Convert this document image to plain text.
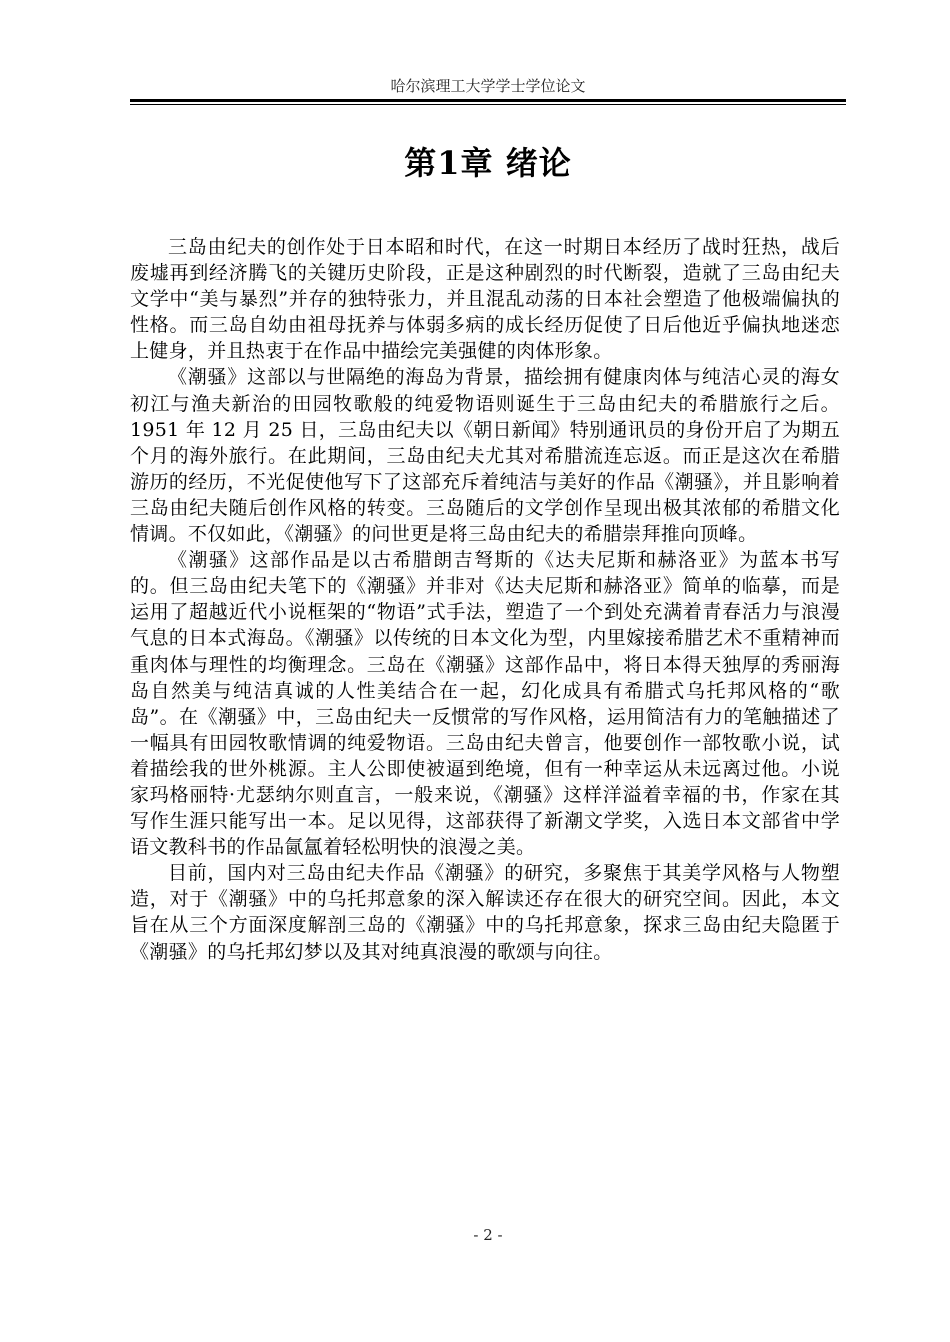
哈尔滨理工大学学士学位论文
第1章 绪论

三岛由纪夫的创作处于日本昭和时代，在这一时期日本经历了战时狂热，战后废墟再到经济腾飞的关键历史阶段，正是这种剧烈的时代断裂，造就了三岛由纪夫文学中“美与暴烈”并存的独特张力，并且混乱动荡的日本社会塑造了他极端偏执的性格。而三岛自幼由祖母抚养与体弱多病的成长经历促使了日后他近乎偏执地迷恋上健身，并且热衷于在作品中描绘完美强健的肉体形象。

《潮骚》这部以与世隔绝的海岛为背景，描绘拥有健康肉体与纯洁心灵的海女初江与渔夫新治的田园牧歌般的纯爱物语则诞生于三岛由纪夫的希腊旅行之后。1951 年 12 月 25 日，三岛由纪夫以《朝日新闻》特别通讯员的身份开启了为期五个月的海外旅行。在此期间，三岛由纪夫尤其对希腊流连忘返。而正是这次在希腊游历的经历，不光促使他写下了这部充斥着纯洁与美好的作品《潮骚》，并且影响着三岛由纪夫随后创作风格的转变。三岛随后的文学创作呈现出极其浓郁的希腊文化情调。不仅如此，《潮骚》的问世更是将三岛由纪夫的希腊崇拜推向顶峰。

《潮骚》这部作品是以古希腊朗吉弩斯的《达夫尼斯和赫洛亚》为蓝本书写的。但三岛由纪夫笔下的《潮骚》并非对《达夫尼斯和赫洛亚》简单的临摹，而是运用了超越近代小说框架的“物语”式手法，塑造了一个到处充满着青春活力与浪漫气息的日本式海岛。《潮骚》以传统的日本文化为型，内里嫁接希腊艺术不重精神而重肉体与理性的均衡理念。三岛在《潮骚》这部作品中，将日本得天独厚的秀丽海岛自然美与纯洁真诚的人性美结合在一起，幻化成具有希腊式乌托邦风格的“歌岛”。在《潮骚》中，三岛由纪夫一反惯常的写作风格，运用简洁有力的笔触描述了一幅具有田园牧歌情调的纯爱物语。三岛由纪夫曾言，他要创作一部牧歌小说，试着描绘我的世外桃源。主人公即使被逼到绝境，但有一种幸运从未远离过他。小说家玛格丽特·尤瑟纳尔则直言，一般来说，《潮骚》这样洋溢着幸福的书，作家在其写作生涯只能写出一本。足以见得，这部获得了新潮文学奖，入选日本文部省中学语文教科书的作品氤氲着轻松明快的浪漫之美。

目前，国内对三岛由纪夫作品《潮骚》的研究，多聚焦于其美学风格与人物塑造，对于《潮骚》中的乌托邦意象的深入解读还存在很大的研究空间。因此，本文旨在从三个方面深度解剖三岛的《潮骚》中的乌托邦意象，探求三岛由纪夫隐匿于《潮骚》的乌托邦幻梦以及其对纯真浪漫的歌颂与向往。

- 2 -
